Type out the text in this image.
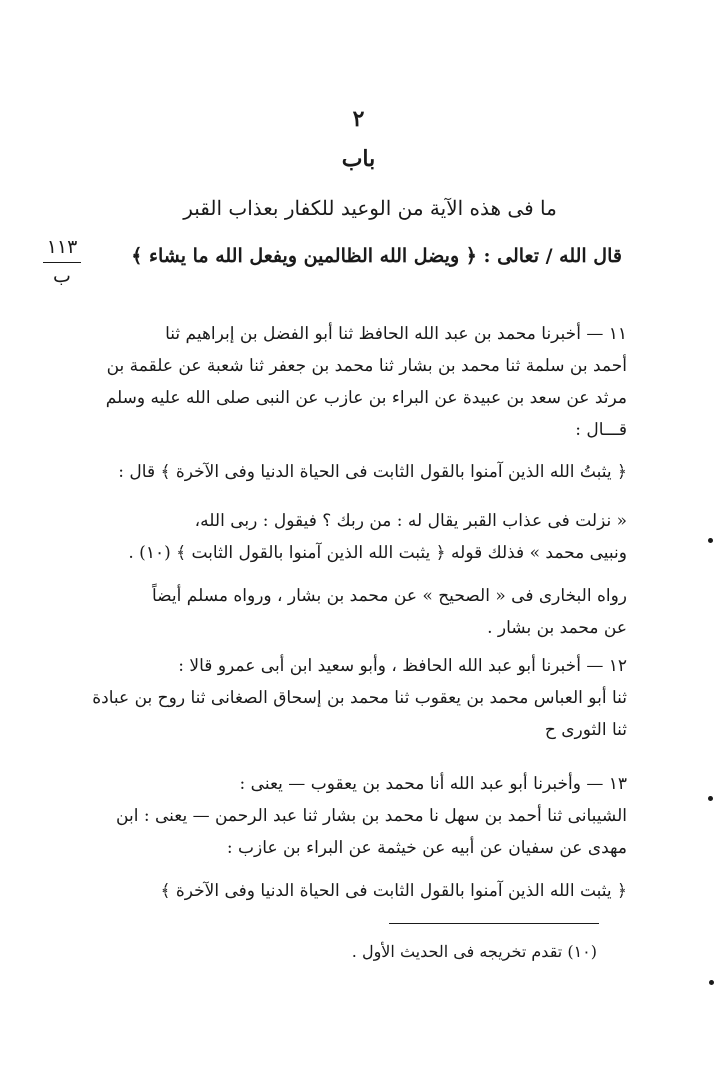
٢
باب
ما فى هذه الآية من الوعيد للكفار بعذاب القبر
قال الله / تعالى : ﴿ ويضل الله الظالمين ويفعل الله ما يشاء ﴾
١١٣
ب
١١ — أخبرنا محمد بن عبد الله الحافظ ثنا أبو الفضل بن إبراهيم ثنا
أحمد بن سلمة ثنا محمد بن بشار ثنا محمد بن جعفر ثنا شعبة عن علقمة بن
مرثد عن سعد بن عبيدة عن البراء بن عازب عن النبى صلى الله عليه وسلم
قـــال :
﴿ يثبتُ الله الذين آمنوا بالقول الثابت فى الحياة الدنيا وفى الآخرة ﴾ قال :
« نزلت فى عذاب القبر يقال له : من ربك ؟ فيقول : ربى الله،
ونبيى محمد » فذلك قوله ﴿ يثبت الله الذين آمنوا بالقول الثابت ﴾ (١٠) .
رواه البخارى فى « الصحيح » عن محمد بن بشار ، ورواه مسلم أيضاً
عن محمد بن بشار .
١٢ — أخبرنا أبو عبد الله الحافظ ، وأبو سعيد ابن أبى عمرو قالا :
ثنا أبو العباس محمد بن يعقوب ثنا محمد بن إسحاق الصغانى ثنا روح بن عبادة
ثنا الثورى ح
١٣ — وأخبرنا أبو عبد الله أنا محمد بن يعقوب — يعنى :
الشيبانى ثنا أحمد بن سهل نا محمد بن بشار ثنا عبد الرحمن — يعنى : ابن
مهدى عن سفيان عن أبيه عن خيثمة عن البراء بن عازب :
﴿ يثبت الله الذين آمنوا بالقول الثابت فى الحياة الدنيا وفى الآخرة ﴾
(١٠) تقدم تخريجه فى الحديث الأول .
